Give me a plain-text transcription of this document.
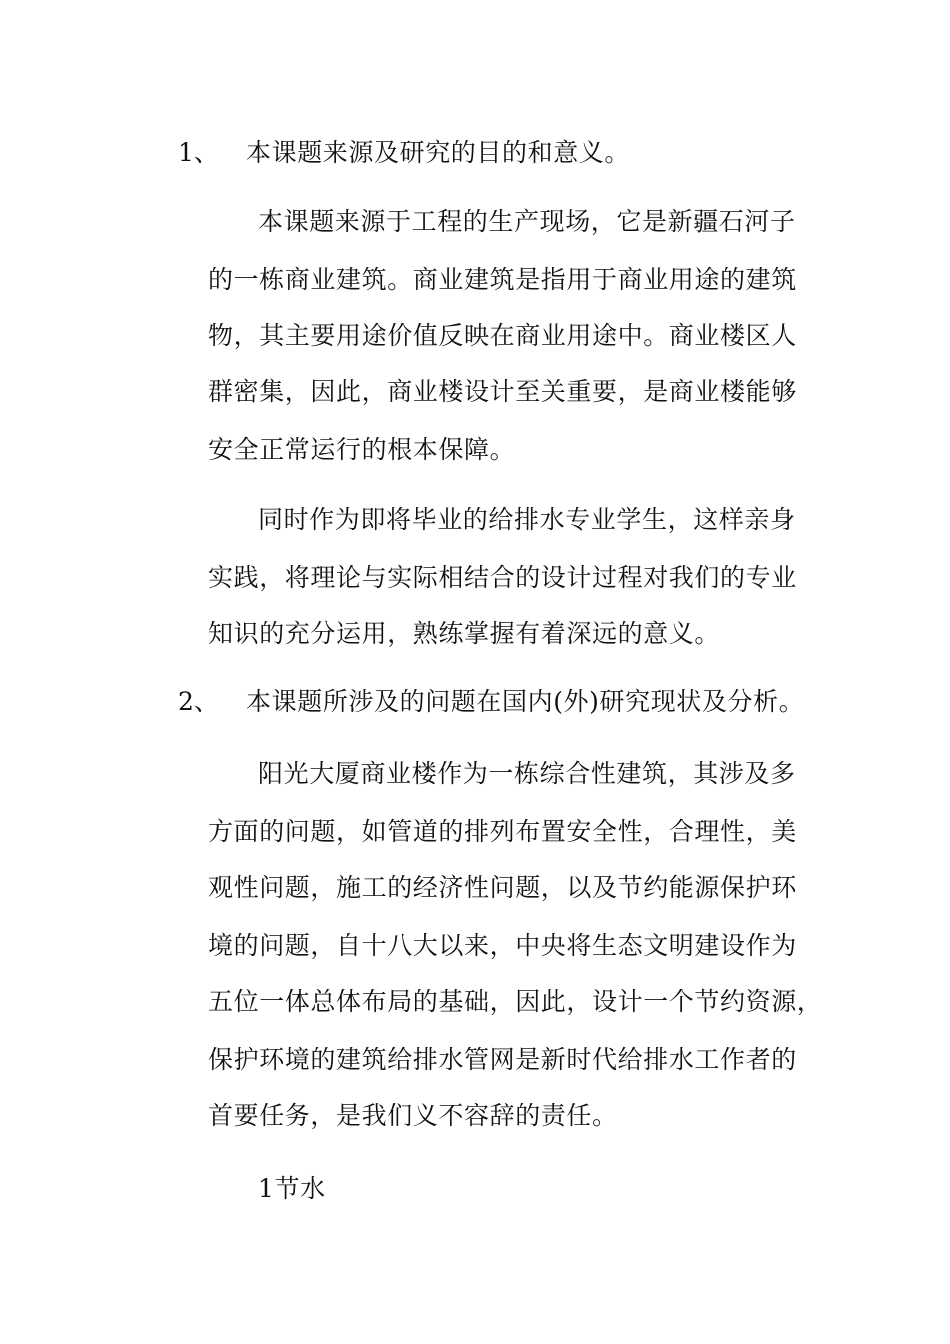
1、 本课题来源及研究的目的和意义。
本课题来源于工程的生产现场，它是新疆石河子
的一栋商业建筑。商业建筑是指用于商业用途的建筑
物，其主要用途价值反映在商业用途中。商业楼区人
群密集，因此，商业楼设计至关重要，是商业楼能够
安全正常运行的根本保障。
同时作为即将毕业的给排水专业学生，这样亲身
实践，将理论与实际相结合的设计过程对我们的专业
知识的充分运用，熟练掌握有着深远的意义。
2、 本课题所涉及的问题在国内(外)研究现状及分析。
阳光大厦商业楼作为一栋综合性建筑，其涉及多
方面的问题，如管道的排列布置安全性，合理性，美
观性问题，施工的经济性问题，以及节约能源保护环
境的问题，自十八大以来，中央将生态文明建设作为
五位一体总体布局的基础，因此，设计一个节约资源，
保护环境的建筑给排水管网是新时代给排水工作者的
首要任务，是我们义不容辞的责任。
1节水
